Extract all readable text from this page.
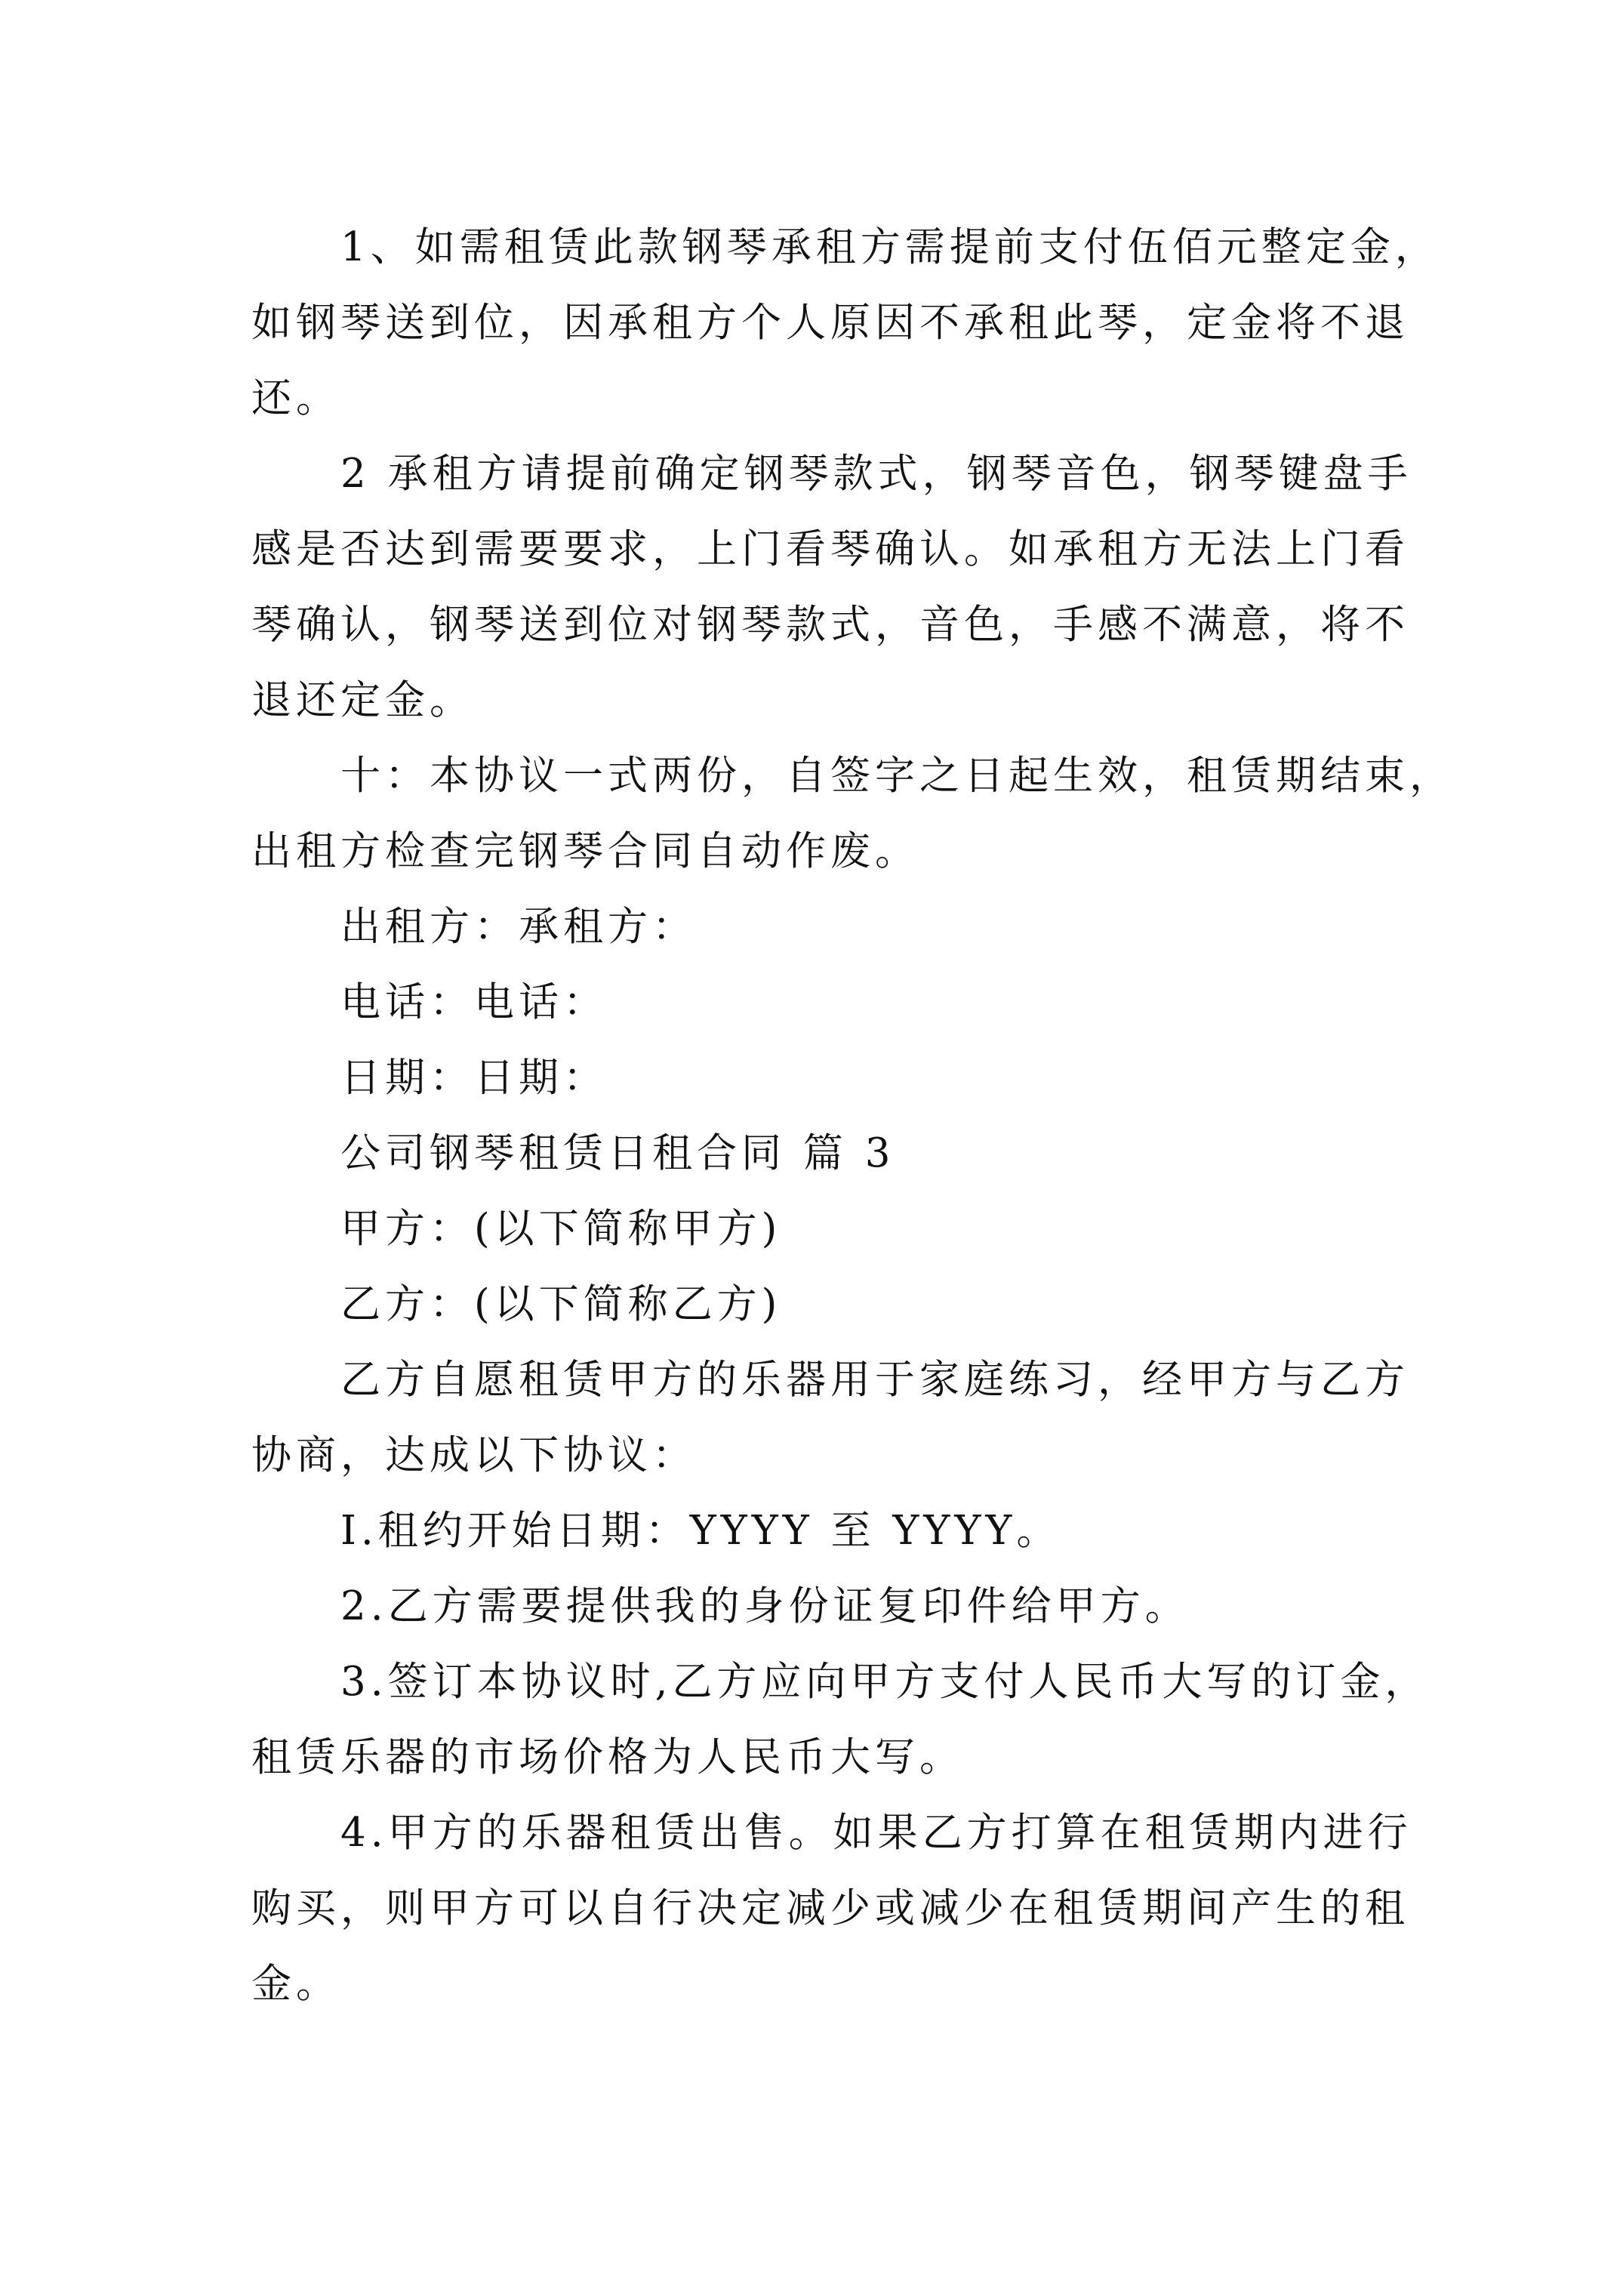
1、如需租赁此款钢琴承租方需提前支付伍佰元整定金，
如钢琴送到位，因承租方个人原因不承租此琴，定金将不退
还。
2 承租方请提前确定钢琴款式，钢琴音色，钢琴键盘手
感是否达到需要要求，上门看琴确认。如承租方无法上门看
琴确认，钢琴送到位对钢琴款式，音色，手感不满意，将不
退还定金。
十：本协议一式两份，自签字之日起生效，租赁期结束，
出租方检查完钢琴合同自动作废。
出租方：承租方：
电话：电话：
日期：日期：
公司钢琴租赁日租合同 篇 3
甲方：(以下简称甲方)
乙方：(以下简称乙方)
乙方自愿租赁甲方的乐器用于家庭练习，经甲方与乙方
协商，达成以下协议：
I.租约开始日期：YYYY 至 YYYY。
2.乙方需要提供我的身份证复印件给甲方。
3.签订本协议时,乙方应向甲方支付人民币大写的订金，
租赁乐器的市场价格为人民币大写。
4.甲方的乐器租赁出售。如果乙方打算在租赁期内进行
购买，则甲方可以自行决定减少或减少在租赁期间产生的租
金。
